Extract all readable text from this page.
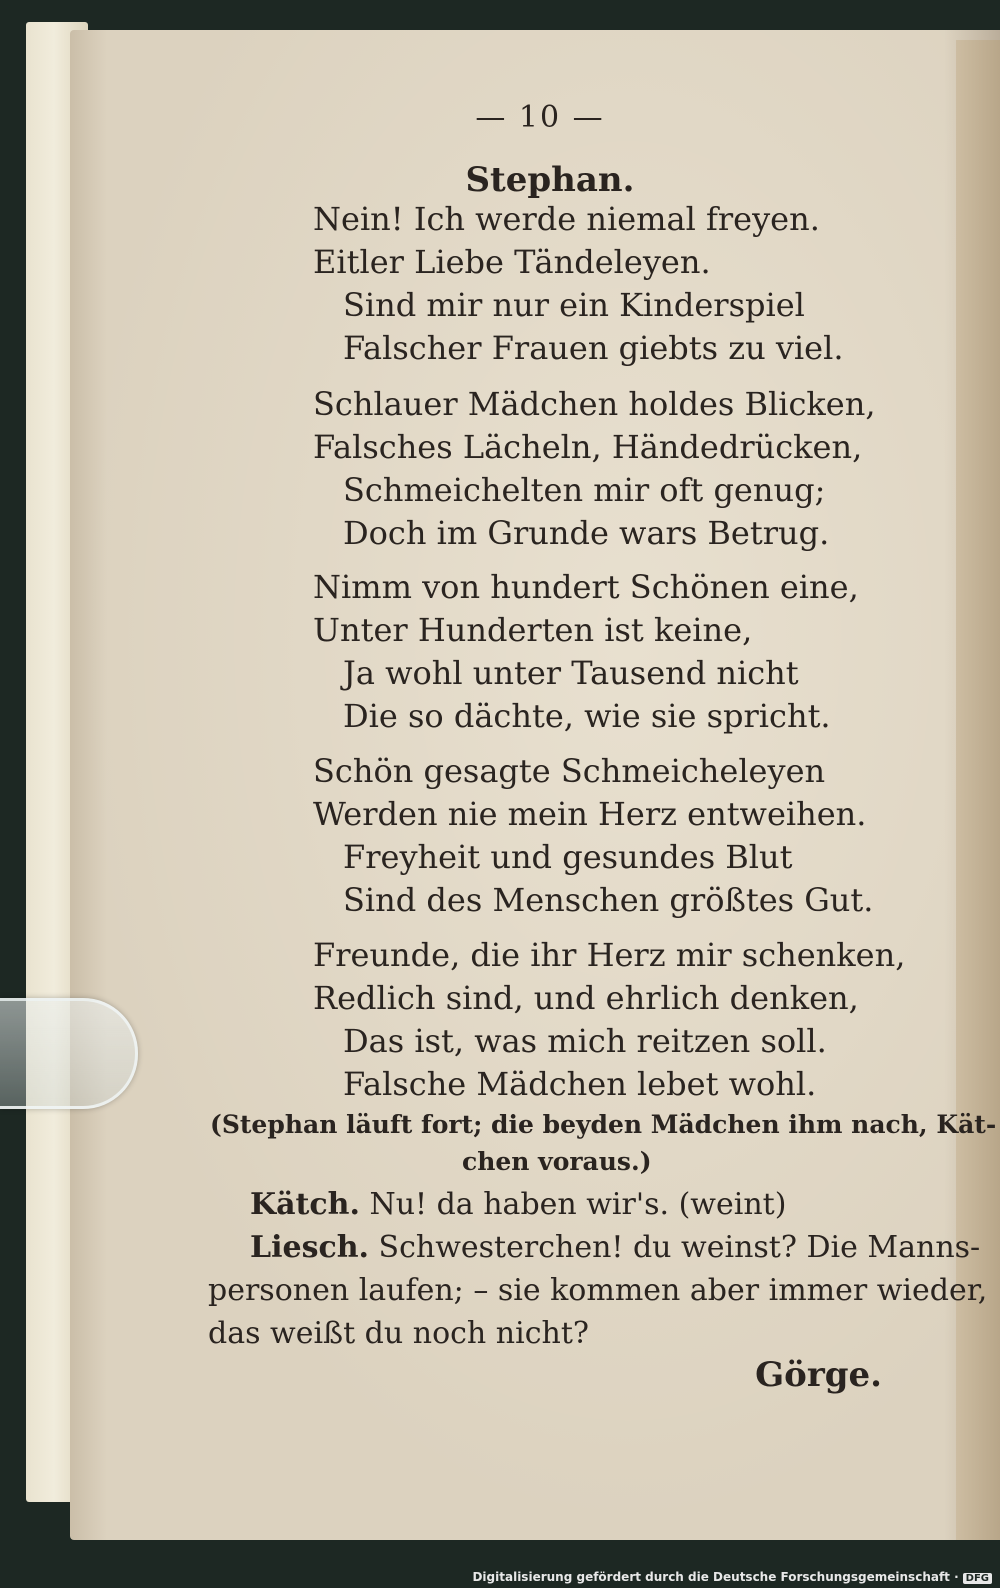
— 10 —
Stephan.
Nein! Ich werde niemal freyen.
Eitler Liebe Tändeleyen.
Sind mir nur ein Kinderspiel
Falscher Frauen giebts zu viel.
Schlauer Mädchen holdes Blicken,
Falsches Lächeln, Händedrücken,
Schmeichelten mir oft genug;
Doch im Grunde wars Betrug.
Nimm von hundert Schönen eine,
Unter Hunderten ist keine,
Ja wohl unter Tausend nicht
Die so dächte, wie sie spricht.
Schön gesagte Schmeicheleyen
Werden nie mein Herz entweihen.
Freyheit und gesundes Blut
Sind des Menschen größtes Gut.
Freunde, die ihr Herz mir schenken,
Redlich sind, und ehrlich denken,
Das ist, was mich reitzen soll.
Falsche Mädchen lebet wohl.
(Stephan läuft fort; die beyden Mädchen ihm nach, Kät-
chen voraus.)
Kätch. Nu! da haben wir's. (weint)
Liesch. Schwesterchen! du weinst? Die Manns-
personen laufen; – sie kommen aber immer wieder,
das weißt du noch nicht?
Görge.
Digitalisierung gefördert durch die Deutsche Forschungsgemeinschaft · DFG
